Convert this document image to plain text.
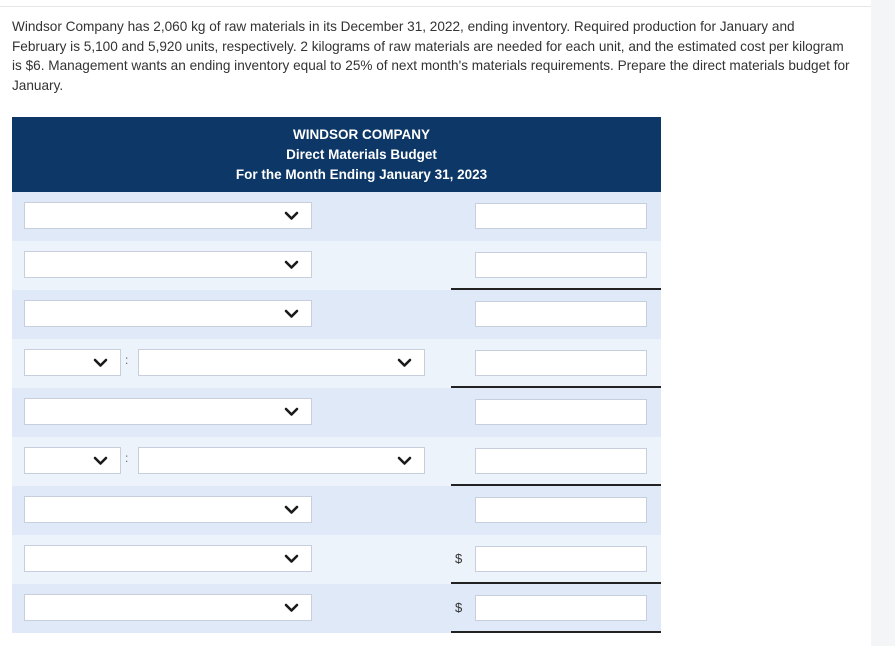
Windsor Company has 2,060 kg of raw materials in its December 31, 2022, ending inventory. Required production for January and February is 5,100 and 5,920 units, respectively. 2 kilograms of raw materials are needed for each unit, and the estimated cost per kilogram is $6. Management wants an ending inventory equal to 25% of next month's materials requirements. Prepare the direct materials budget for January.

WINDSOR COMPANY
Direct Materials Budget
For the Month Ending January 31, 2023
:
:
$
$
